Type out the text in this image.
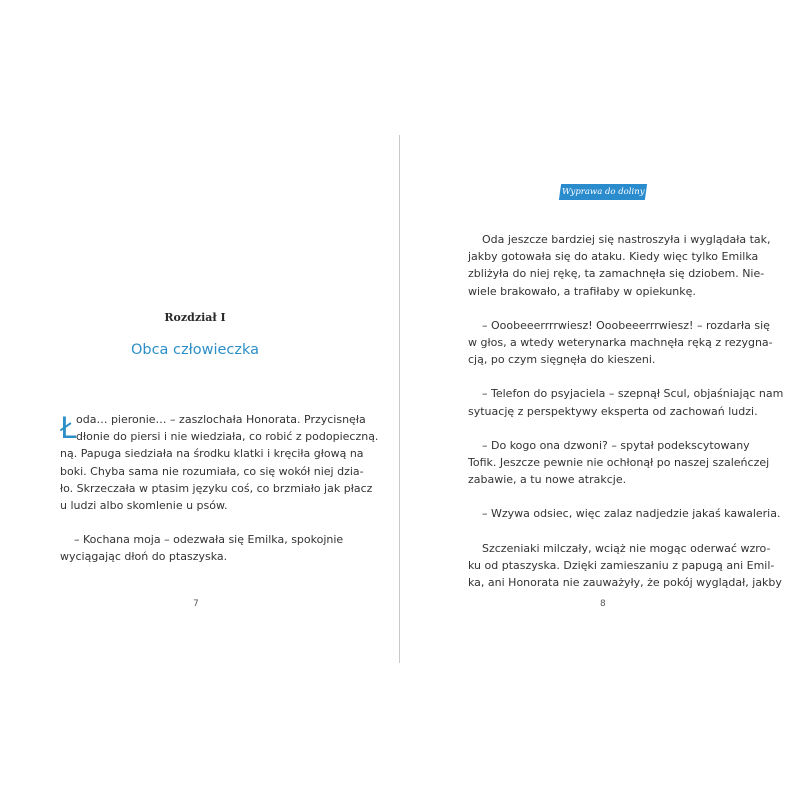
Rozdział I
Obca człowieczka
Ł oda… pieronie… – zaszlochała Honorata. Przycisnęła
dłonie do piersi i nie wiedziała, co robić z podopieczną.
ną. Papuga siedziała na środku klatki i kręciła głową na
boki. Chyba sama nie rozumiała, co się wokół niej dzia-
ło. Skrzeczała w ptasim języku coś, co brzmiało jak płacz
u ludzi albo skomlenie u psów.

– Kochana moja – odezwała się Emilka, spokojnie
wyciągając dłoń do ptaszyska.

7
Wyprawa do doliny

Oda jeszcze bardziej się nastroszyła i wyglądała tak,
jakby gotowała się do ataku. Kiedy więc tylko Emilka
zbliżyła do niej rękę, ta zamachnęła się dziobem. Nie-
wiele brakowało, a trafiłaby w opiekunkę.

– Ooobeeerrrrwiesz! Ooobeeerrrwiesz! – rozdarła się
w głos, a wtedy weterynarka machnęła ręką z rezygna-
cją, po czym sięgnęła do kieszeni.

– Telefon do psyjaciela – szepnął Scul, objaśniając nam
sytuację z perspektywy eksperta od zachowań ludzi.

– Do kogo ona dzwoni? – spytał podekscytowany
Tofik. Jeszcze pewnie nie ochłonął po naszej szaleńczej
zabawie, a tu nowe atrakcje.

– Wzywa odsiec, więc zalaz nadjedzie jakaś kawaleria.

Szczeniaki milczały, wciąż nie mogąc oderwać wzro-
ku od ptaszyska. Dzięki zamieszaniu z papugą ani Emil-
ka, ani Honorata nie zauważyły, że pokój wyglądał, jakby

8
